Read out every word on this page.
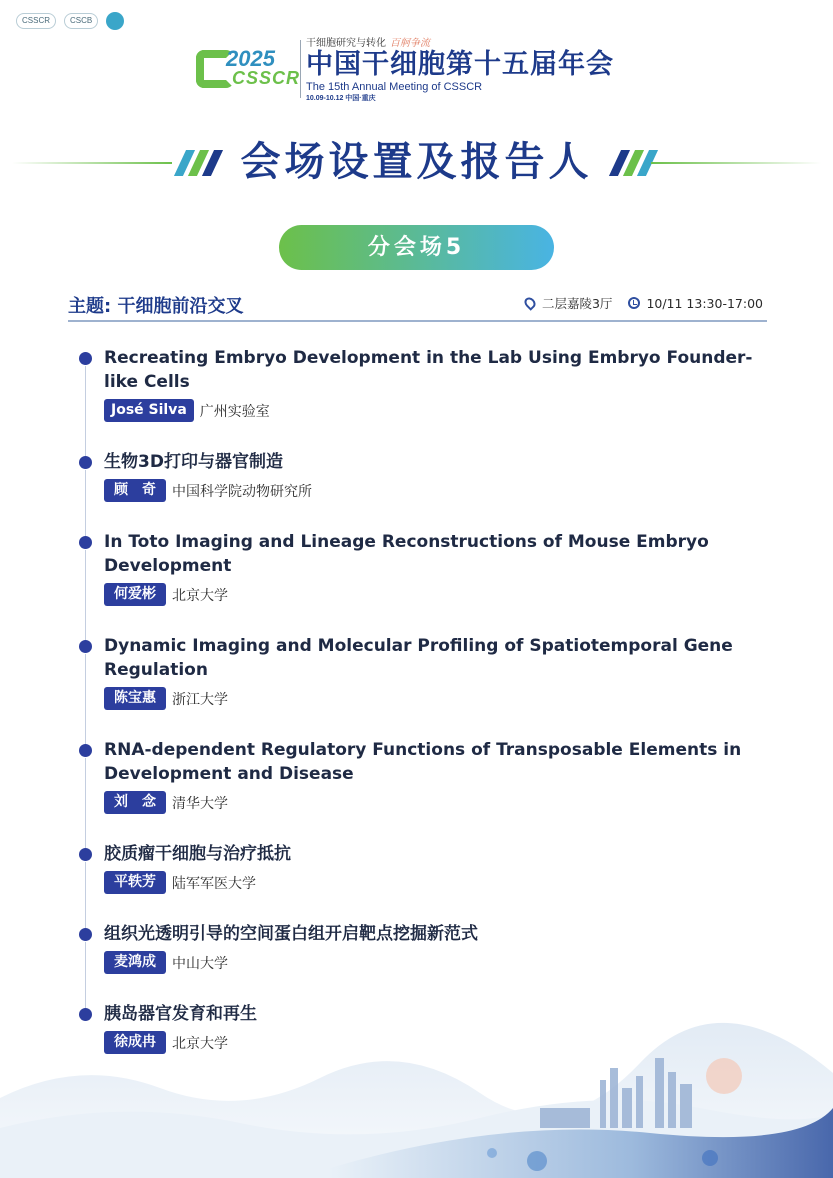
CSSCR	CSCB
2025
CSSCR
干细胞研究与转化 百舸争流
中国干细胞第十五届年会
The 15th Annual Meeting of CSSCR
10.09-10.12 中国·重庆
会场设置及报告人
分会场5
主题: 干细胞前沿交叉	二层嘉陵3厅	10/11 13:30-17:00
Recreating Embryo Development in the Lab Using Embryo Founder-like Cells
José Silva 广州实验室
生物3D打印与器官制造
顾　奇	中国科学院动物研究所
In Toto Imaging and Lineage Reconstructions of Mouse Embryo Development
何爱彬	北京大学
Dynamic Imaging and Molecular Profiling of Spatiotemporal Gene Regulation
陈宝惠	浙江大学
RNA-dependent Regulatory Functions of Transposable Elements in Development and Disease
刘　念	清华大学
胶质瘤干细胞与治疗抵抗
平轶芳	陆军军医大学
组织光透明引导的空间蛋白组开启靶点挖掘新范式
麦鸿成	中山大学
胰岛器官发育和再生
徐成冉	北京大学
